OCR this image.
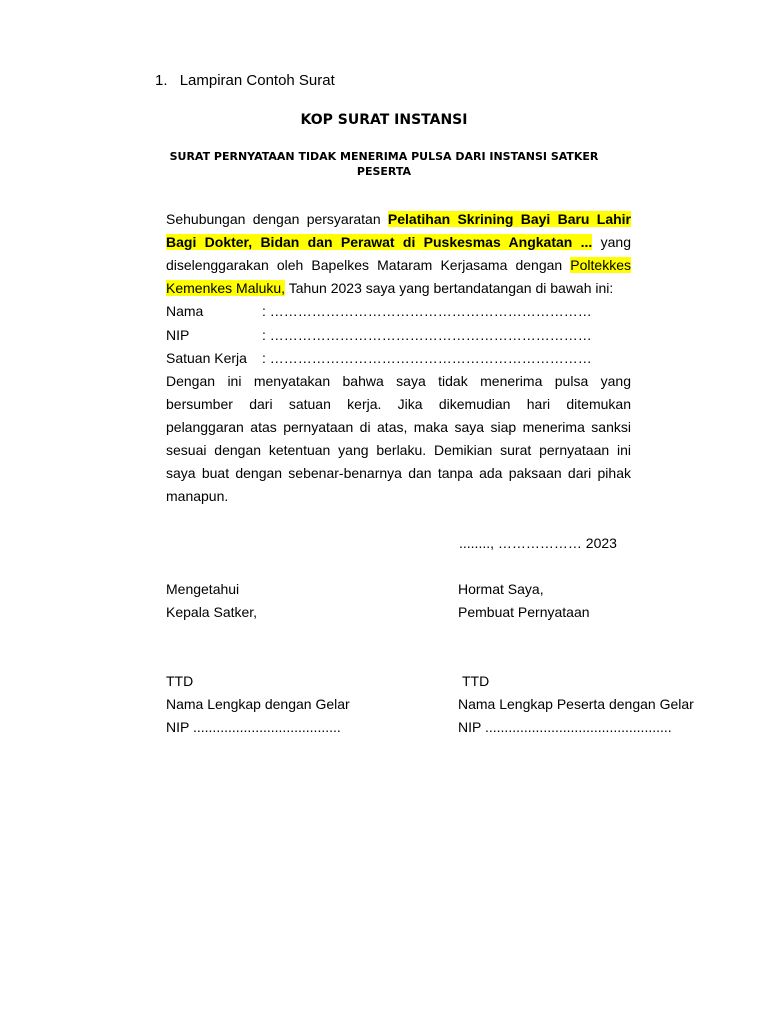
1. Lampiran Contoh Surat
KOP SURAT INSTANSI
SURAT PERNYATAAN TIDAK MENERIMA PULSA DARI INSTANSI SATKER
PESERTA
Sehubungan dengan persyaratan Pelatihan Skrining Bayi Baru Lahir
Bagi Dokter, Bidan dan Perawat di Puskesmas Angkatan ... yang
diselenggarakan oleh Bapelkes Mataram Kerjasama dengan Poltekkes
Kemenkes Maluku, Tahun 2023 saya yang bertandatangan di bawah ini:
Nama	: ……………………………………………………………
NIP	: ……………………………………………………………
Satuan Kerja : ……………………………………………………………
Dengan ini menyatakan bahwa saya tidak menerima pulsa yang
bersumber dari satuan kerja. Jika dikemudian hari ditemukan
pelanggaran atas pernyataan di atas, maka saya siap menerima sanksi
sesuai dengan ketentuan yang berlaku. Demikian surat pernyataan ini
saya buat dengan sebenar-benarnya dan tanpa ada paksaan dari pihak
manapun.
........, ……………… 2023
Mengetahui
Kepala Satker,
TTD
Nama Lengkap dengan Gelar
NIP ......................................
Hormat Saya,
Pembuat Pernyataan
TTD
Nama Lengkap Peserta dengan Gelar
NIP ................................................
